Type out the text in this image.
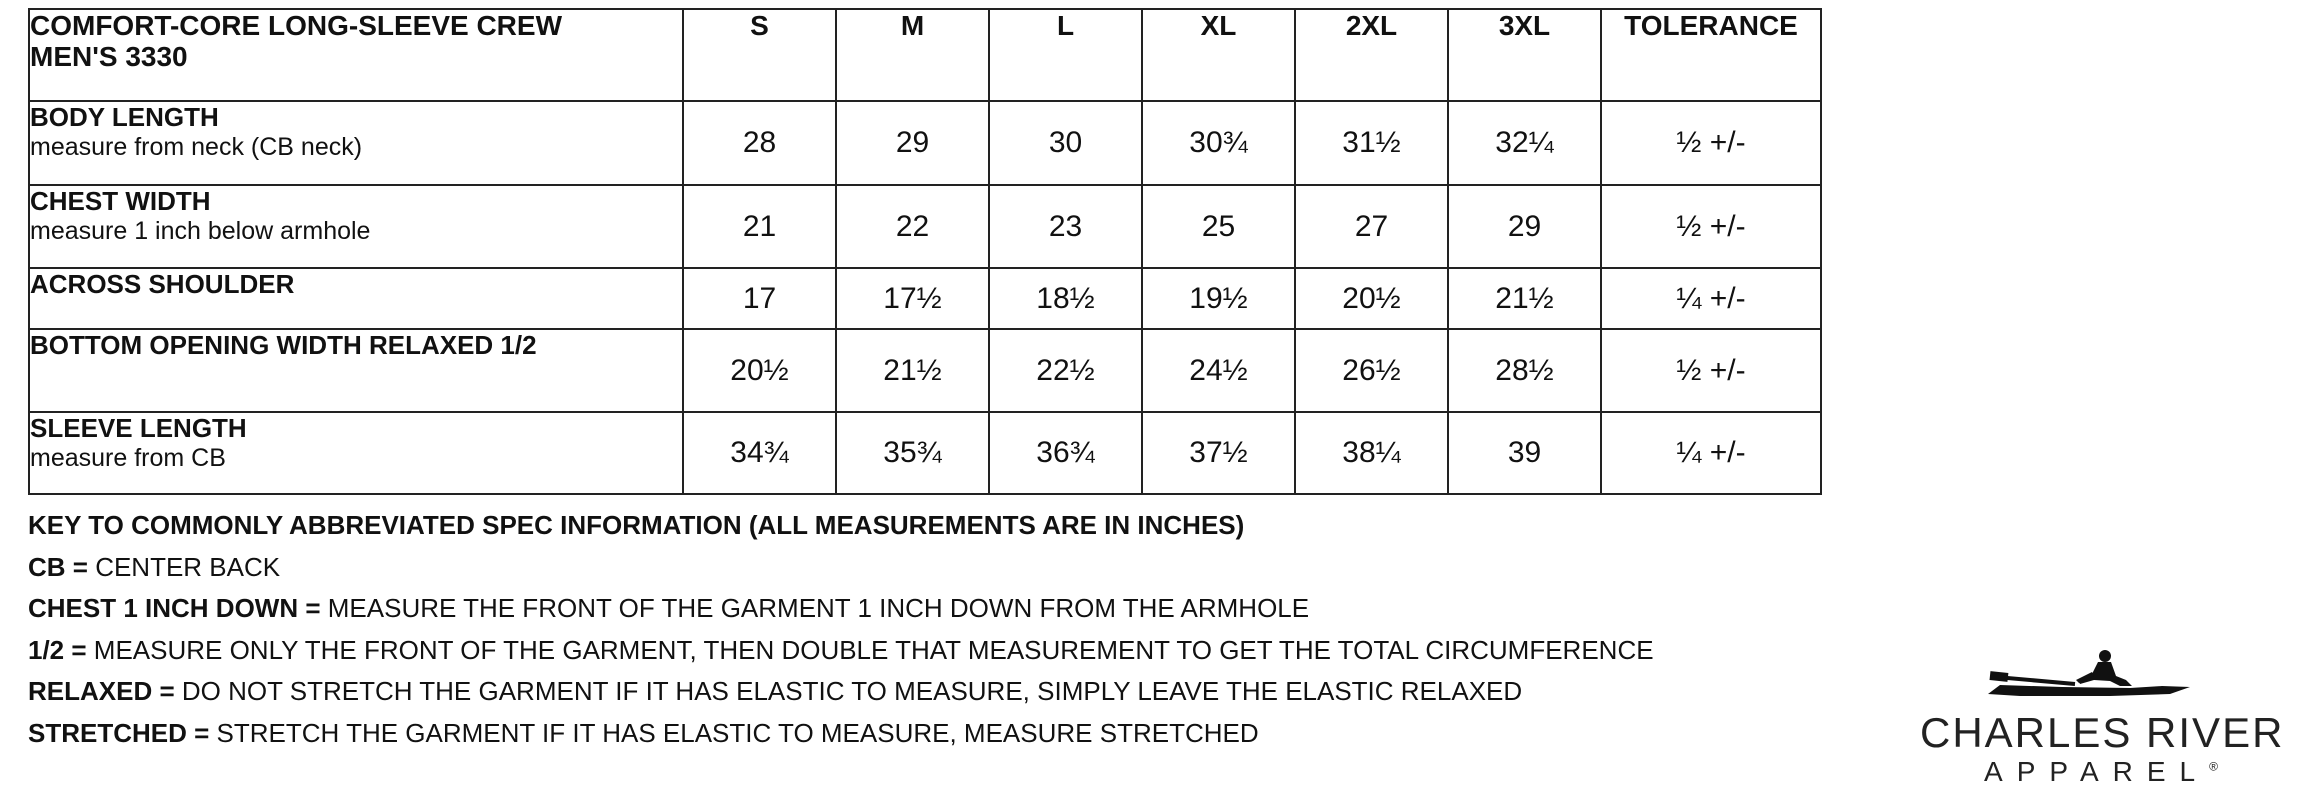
COMFORT-CORE LONG-SLEEVE CREW
MEN'S 3330	S	M	L	XL	2XL	3XL	TOLERANCE

BODY LENGTH
measure from neck (CB neck)	28	29	30	30¾	31½	32¼	½ +/-

CHEST WIDTH
measure 1 inch below armhole	21	22	23	25	27	29	½ +/-

ACROSS SHOULDER	17	17½	18½	19½	20½	21½	¼ +/-

BOTTOM OPENING WIDTH RELAXED 1/2	20½	21½	22½	24½	26½	28½	½ +/-

SLEEVE LENGTH
measure from CB	34¾	35¾	36¾	37½	38¼	39	¼ +/-
KEY TO COMMONLY ABBREVIATED SPEC INFORMATION (ALL MEASUREMENTS ARE IN INCHES)
CB = CENTER BACK
CHEST 1 INCH DOWN = MEASURE THE FRONT OF THE GARMENT 1 INCH DOWN FROM THE ARMHOLE
1/2 = MEASURE ONLY THE FRONT OF THE GARMENT, THEN DOUBLE THAT MEASUREMENT TO GET THE TOTAL CIRCUMFERENCE
RELAXED = DO NOT STRETCH THE GARMENT IF IT HAS ELASTIC TO MEASURE, SIMPLY LEAVE THE ELASTIC RELAXED
STRETCHED = STRETCH THE GARMENT IF IT HAS ELASTIC TO MEASURE, MEASURE STRETCHED	CHARLES RIVER
APPAREL®
